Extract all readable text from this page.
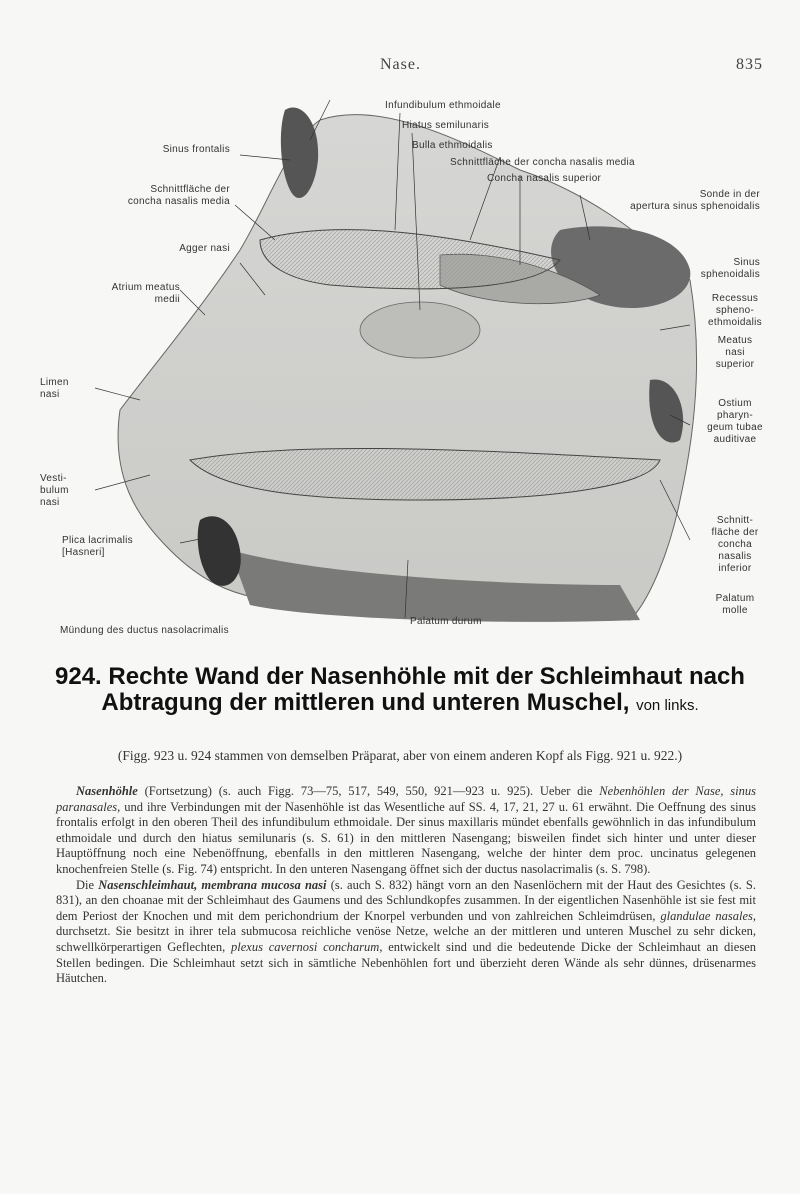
Nase.	835
Infundibulum ethmoidale
Hiatus semilunaris
Bulla ethmoidalis
Schnittfläche der concha nasalis media
Concha nasalis superior
Sonde in der
apertura sinus sphenoidalis
Sinus frontalis
Schnittfläche der
concha nasalis media
Agger nasi
Atrium meatus
medii
Limen
nasi
Vesti-
bulum
nasi
Plica lacrimalis
[Hasneri]
Mündung des ductus nasolacrimalis
Palatum durum
Sinus
sphenoidalis
Recessus
spheno-
ethmoidalis
Meatus
nasi
superior
Ostium
pharyn-
geum tubae
auditivae
Schnitt-
fläche der
concha
nasalis
inferior
Palatum
molle
924. Rechte Wand der Nasenhöhle mit der Schleimhaut nach Abtragung der mittleren und unteren Muschel, von links.
(Figg. 923 u. 924 stammen von demselben Präparat, aber von einem anderen Kopf als Figg. 921 u. 922.)

Nasenhöhle (Fortsetzung) (s. auch Figg. 73—75, 517, 549, 550, 921—923 u. 925). Ueber die Nebenhöhlen der Nase, sinus paranasales, und ihre Verbindungen mit der Nasenhöhle ist das Wesentliche auf SS. 4, 17, 21, 27 u. 61 erwähnt. Die Oeffnung des sinus frontalis erfolgt in den oberen Theil des infundibulum ethmoidale. Der sinus maxillaris mündet ebenfalls gewöhnlich in das infundibulum ethmoidale und durch den hiatus semilunaris (s. S. 61) in den mittleren Nasengang; bisweilen findet sich hinter und unter dieser Hauptöffnung noch eine Nebenöffnung, ebenfalls in den mittleren Nasengang, welche der hinter dem proc. uncinatus gelegenen knochenfreien Stelle (s. Fig. 74) entspricht. In den unteren Nasengang öffnet sich der ductus nasolacrimalis (s. S. 798).

Die Nasenschleimhaut, membrana mucosa nasi (s. auch S. 832) hängt vorn an den Nasenlöchern mit der Haut des Gesichtes (s. S. 831), an den choanae mit der Schleimhaut des Gaumens und des Schlundkopfes zusammen. In der eigentlichen Nasenhöhle ist sie fest mit dem Periost der Knochen und mit dem perichondrium der Knorpel verbunden und von zahlreichen Schleimdrüsen, glandulae nasales, durchsetzt. Sie besitzt in ihrer tela submucosa reichliche venöse Netze, welche an der mittleren und unteren Muschel zu sehr dicken, schwellkörperartigen Geflechten, plexus cavernosi concharum, entwickelt sind und die bedeutende Dicke der Schleimhaut an diesen Stellen bedingen. Die Schleimhaut setzt sich in sämtliche Nebenhöhlen fort und überzieht deren Wände als sehr dünnes, drüsenarmes Häutchen.
